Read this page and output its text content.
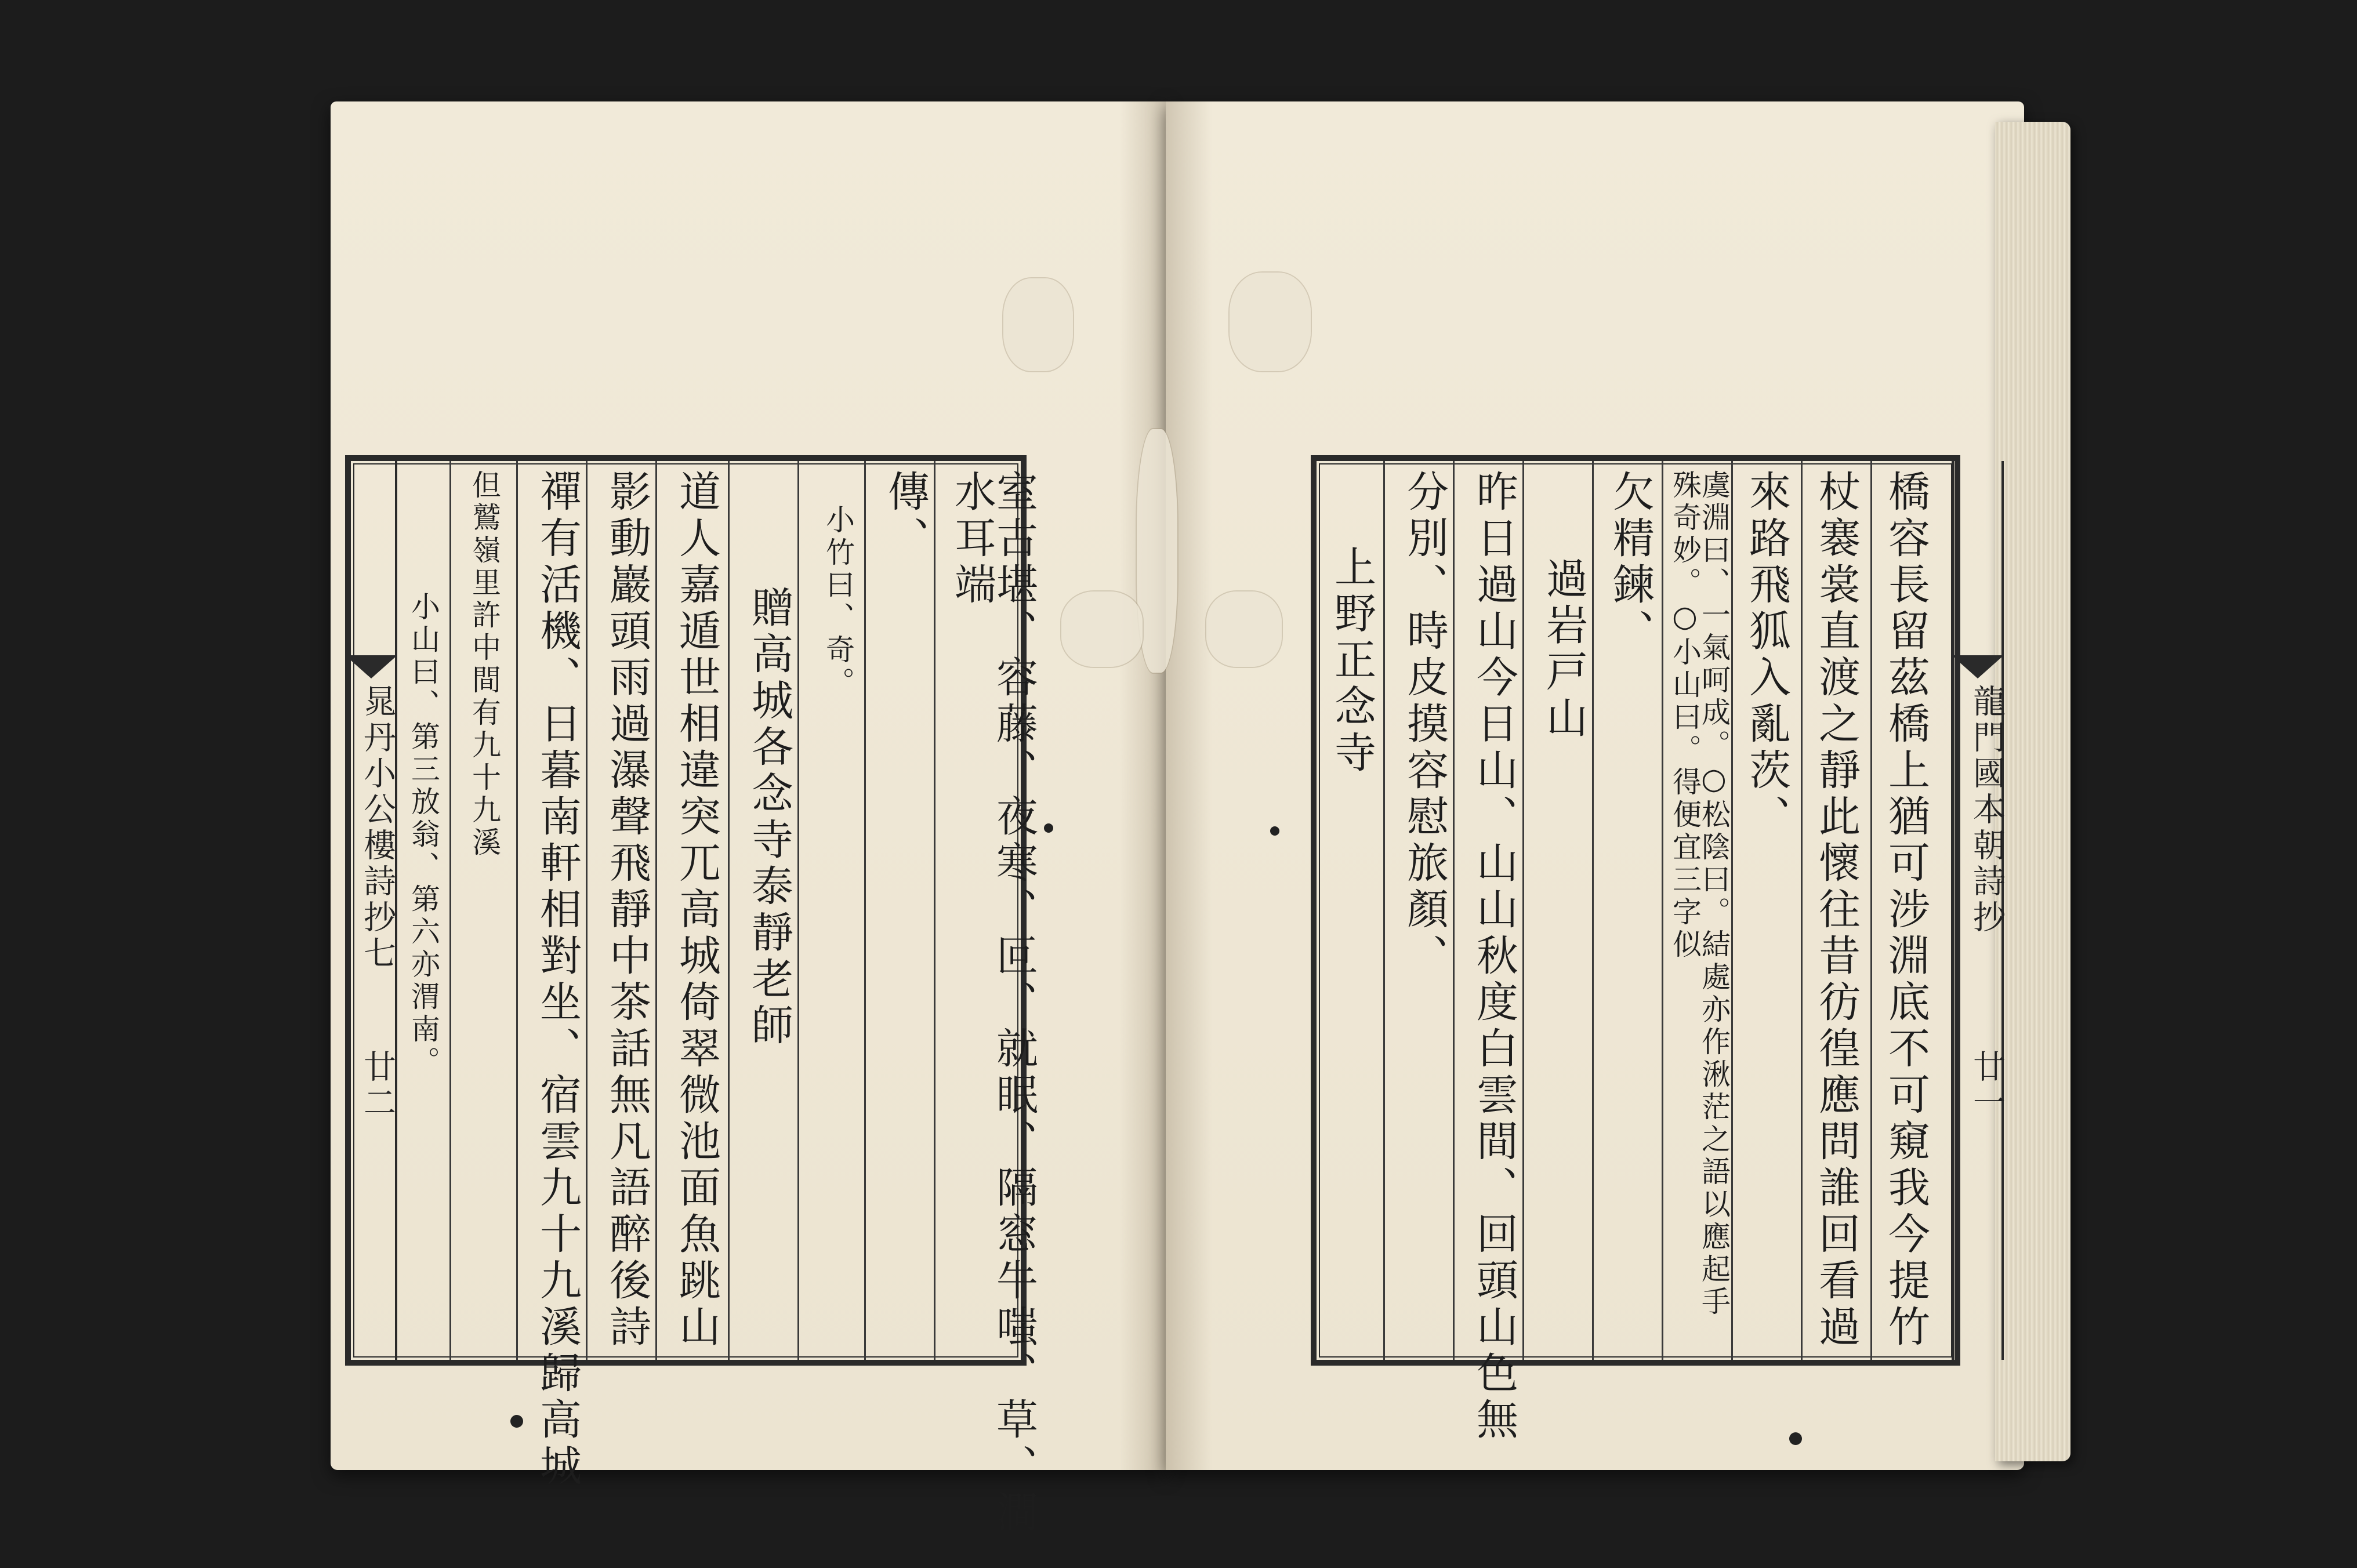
晁丹小公樓詩抄七
廿二	室古堪、容藤、夜寒、叵、就眠、隔窓牛嗤、草、澗水耳端
傳、
小竹曰、奇。
贈高城各念寺泰靜老師
道人嘉遁世相違突兀高城倚翠微池面魚跳山
影動巖頭雨過瀑聲飛靜中茶話無凡語醉後詩
禪有活機、日暮南軒相對坐、宿雲九十九溪歸高城
但鷲嶺里許中間有九十九溪
小山曰、第三放翁、第六亦渭南。	龍門國本朝詩抄
廿一
橋容長留茲橋上猶可涉淵底不可窺我今提竹
杖褰裳直渡之靜此懷往昔彷徨應問誰回看過
來路飛狐入亂茨、
虞淵曰、一氣呵成。○松陰曰。結處亦作湫茫之語以應起手殊奇妙。○小山曰。得便宜三字似
欠精鍊、
過岩戸山
昨日過山今日山、山山秋度白雲間、回頭山色無
分別、時皮摸容慰旅顏、
上野正念寺
